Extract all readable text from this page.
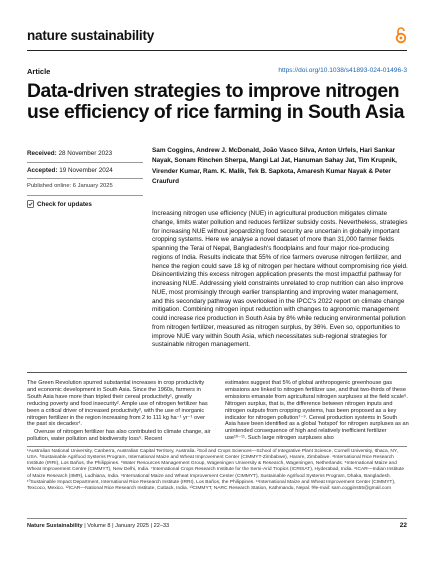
nature sustainability
Article	https://doi.org/10.1038/s41893-024-01496-3
Data-driven strategies to improve nitrogen use efficiency of rice farming in South Asia
Received: 28 November 2023
Accepted: 19 November 2024
Published online: 6 January 2025
Check for updates
Sam Coggins, Andrew J. McDonald, João Vasco Silva, Anton Urfels, Hari Sankar Nayak, Sonam Rinchen Sherpa, Mangi Lal Jat, Hanuman Sahay Jat, Tim Krupnik, Virender Kumar, Ram. K. Malik, Tek B. Sapkota, Amaresh Kumar Nayak & Peter Craufurd

Increasing nitrogen use efficiency (NUE) in agricultural production mitigates climate change, limits water pollution and reduces fertilizer subsidy costs. Nevertheless, strategies for increasing NUE without jeopardizing food security are uncertain in globally important cropping systems. Here we analyse a novel dataset of more than 31,000 farmer fields spanning the Terai of Nepal, Bangladesh's floodplains and four major rice-producing regions of India. Results indicate that 55% of rice farmers overuse nitrogen fertilizer, and hence the region could save 18 kg of nitrogen per hectare without compromising rice yield. Disincentivizing this excess nitrogen application presents the most impactful pathway for increasing NUE. Addressing yield constraints unrelated to crop nutrition can also improve NUE, most promisingly through earlier transplanting and improving water management, and this secondary pathway was overlooked in the IPCC's 2022 report on climate change mitigation. Combining nitrogen input reduction with changes to agronomic management could increase rice production in South Asia by 8% while reducing environmental pollution from nitrogen fertilizer, measured as nitrogen surplus, by 36%. Even so, opportunities to improve NUE vary within South Asia, which necessitates sub-regional strategies for sustainable nitrogen management.

The Green Revolution spurred substantial increases in crop productivity and economic development in South Asia. Since the 1960s, farmers in South Asia have more than tripled their cereal productivity¹, greatly reducing poverty and food insecurity². Ample use of nitrogen fertilizer has been a critical driver of increased productivity³, with the use of inorganic nitrogen fertilizer in the region increasing from 2 to 111 kg ha⁻¹ yr⁻¹ over the past six decades⁴.

Overuse of nitrogen fertilizer has also contributed to climate change, air pollution, water pollution and biodiversity loss⁵. Recent

estimates suggest that 5% of global anthropogenic greenhouse gas emissions are linked to nitrogen fertilizer use, and that two-thirds of these emissions emanate from agricultural nitrogen surpluses at the field scale⁶. Nitrogen surplus, that is, the difference between nitrogen inputs and nitrogen outputs from cropping systems, has been proposed as a key indicator for nitrogen pollution⁷⁻⁹. Cereal production systems in South Asia have been identified as a global 'hotspot' for nitrogen surpluses as an unintended consequence of high and relatively inefficient fertilizer use¹⁰⁻¹¹. Such large nitrogen surpluses also

¹Australian National University, Canberra, Australian Capital Territory, Australia. ²Soil and Crops Sciences—School of Integrative Plant Science, Cornell University, Ithaca, NY, USA. ³Sustainable Agrifood Systems Program, International Maize and Wheat Improvement Center (CIMMYT-Zimbabwe), Harare, Zimbabwe. ⁴International Rice Research Institute (IRRI), Los Baños, the Philippines. ⁵Water Resources Management Group, Wageningen University & Research, Wageningen, Netherlands. ⁶International Maize and Wheat Improvement Centre (CIMMYT), New Delhi, India. ⁷International Crops Research Institute for the Semi-Arid Tropics (ICRISAT), Hyderabad, India. ⁸ICAR—Indian Institute of Maize Research (IIMR), Ludhiana, India. ⁹International Maize and Wheat Improvement Center (CIMMYT), Sustainable Agrifood Systems Program, Dhaka, Bangladesh. ¹⁰Sustainable Impact Department, International Rice Research Institute (IRRI), Los Baños, the Philippines. ¹¹International Maize and Wheat Improvement Center (CIMMYT), Texcoco, Mexico. ¹²ICAR—National Rice Research Institute, Cuttack, India. ¹³CIMMYT, NARC Research Station, Kathmandu, Nepal. ✉e-mail: sam.coggins55@gmail.com

Nature Sustainability | Volume 8 | January 2025 | 22–33	22
